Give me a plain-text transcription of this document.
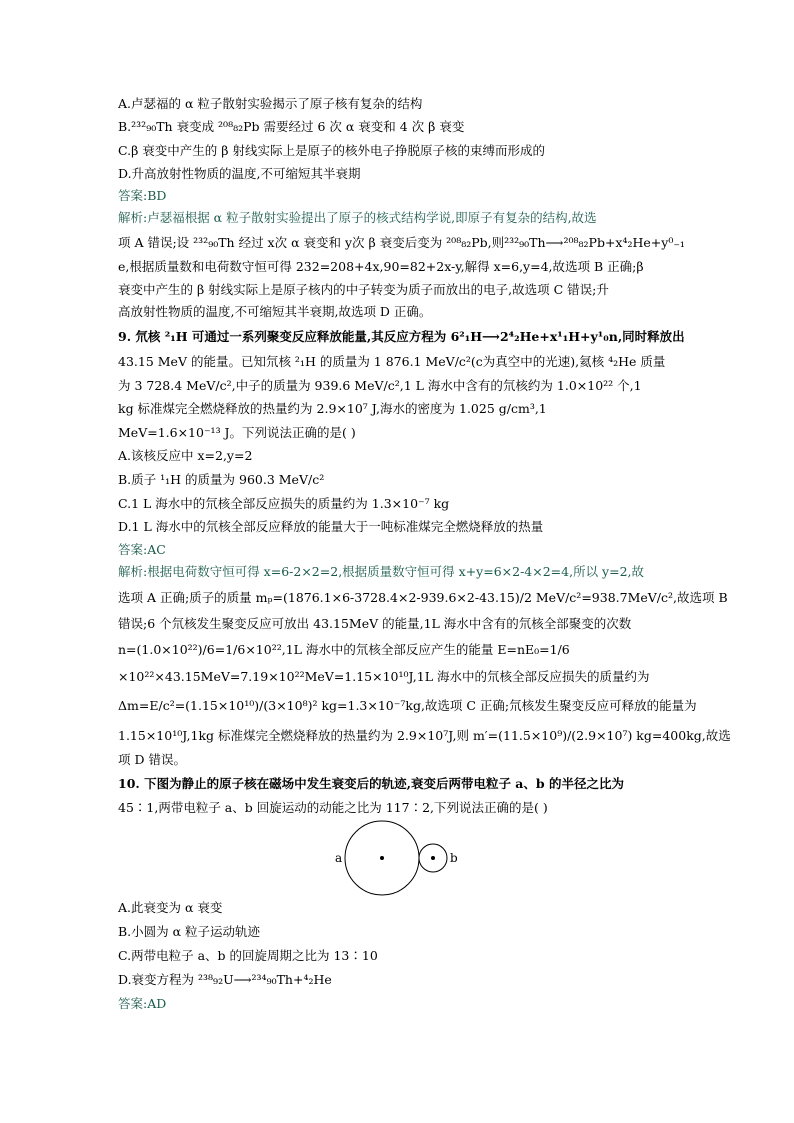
A.卢瑟福的 α 粒子散射实验揭示了原子核有复杂的结构
B.²³²₉₀Th 衰变成 ²⁰⁸₈₂Pb 需要经过 6 次 α 衰变和 4 次 β 衰变
C.β 衰变中产生的 β 射线实际上是原子的核外电子挣脱原子核的束缚而形成的
D.升高放射性物质的温度,不可缩短其半衰期
答案:BD
解析:卢瑟福根据 α 粒子散射实验提出了原子的核式结构学说,即原子有复杂的结构,故选
项 A 错误;设 ²³²₉₀Th 经过 x次 α 衰变和 y次 β 衰变后变为 ²⁰⁸₈₂Pb,则²³²₉₀Th⟶²⁰⁸₈₂Pb+x⁴₂He+y⁰₋₁
e,根据质量数和电荷数守恒可得 232=208+4x,90=82+2x-y,解得 x=6,y=4,故选项 B 正确;β
衰变中产生的 β 射线实际上是原子核内的中子转变为质子而放出的电子,故选项 C 错误;升
高放射性物质的温度,不可缩短其半衰期,故选项 D 正确。
9. 氘核 ²₁H 可通过一系列聚变反应释放能量,其反应方程为 6²₁H⟶2⁴₂He+x¹₁H+y¹₀n,同时释放出
43.15 MeV 的能量。已知氘核 ²₁H 的质量为 1 876.1 MeV/c²(c为真空中的光速),氦核 ⁴₂He 质量
为 3 728.4 MeV/c²,中子的质量为 939.6 MeV/c²,1 L 海水中含有的氘核约为 1.0×10²² 个,1
kg 标准煤完全燃烧释放的热量约为 2.9×10⁷ J,海水的密度为 1.025 g/cm³,1
MeV=1.6×10⁻¹³ J。下列说法正确的是( )
A.该核反应中 x=2,y=2
B.质子 ¹₁H 的质量为 960.3 MeV/c²
C.1 L 海水中的氘核全部反应损失的质量约为 1.3×10⁻⁷ kg
D.1 L 海水中的氘核全部反应释放的能量大于一吨标准煤完全燃烧释放的热量
答案:AC
解析:根据电荷数守恒可得 x=6-2×2=2,根据质量数守恒可得 x+y=6×2-4×2=4,所以 y=2,故
选项 A 正确;质子的质量 mₚ=(1876.1×6-3728.4×2-939.6×2-43.15)/2 MeV/c²=938.7MeV/c²,故选项 B
错误;6 个氘核发生聚变反应可放出 43.15MeV 的能量,1L 海水中含有的氘核全部聚变的次数
n=(1.0×10²²)/6=1/6×10²²,1L 海水中的氘核全部反应产生的能量 E=nE₀=1/6
×10²²×43.15MeV=7.19×10²²MeV=1.15×10¹⁰J,1L 海水中的氘核全部反应损失的质量约为
Δm=E/c²=(1.15×10¹⁰)/(3×10⁸)² kg=1.3×10⁻⁷kg,故选项 C 正确;氘核发生聚变反应可释放的能量为
1.15×10¹⁰J,1kg 标准煤完全燃烧释放的热量约为 2.9×10⁷J,则 m′=(11.5×10⁹)/(2.9×10⁷) kg=400kg,故选
项 D 错误。
10. 下图为静止的原子核在磁场中发生衰变后的轨迹,衰变后两带电粒子 a、b 的半径之比为
45∶1,两带电粒子 a、b 回旋运动的动能之比为 117∶2,下列说法正确的是( )
A.此衰变为 α 衰变
B.小圆为 α 粒子运动轨迹
C.两带电粒子 a、b 的回旋周期之比为 13∶10
D.衰变方程为 ²³⁸₉₂U⟶²³⁴₉₀Th+⁴₂He
答案:AD
a	b
